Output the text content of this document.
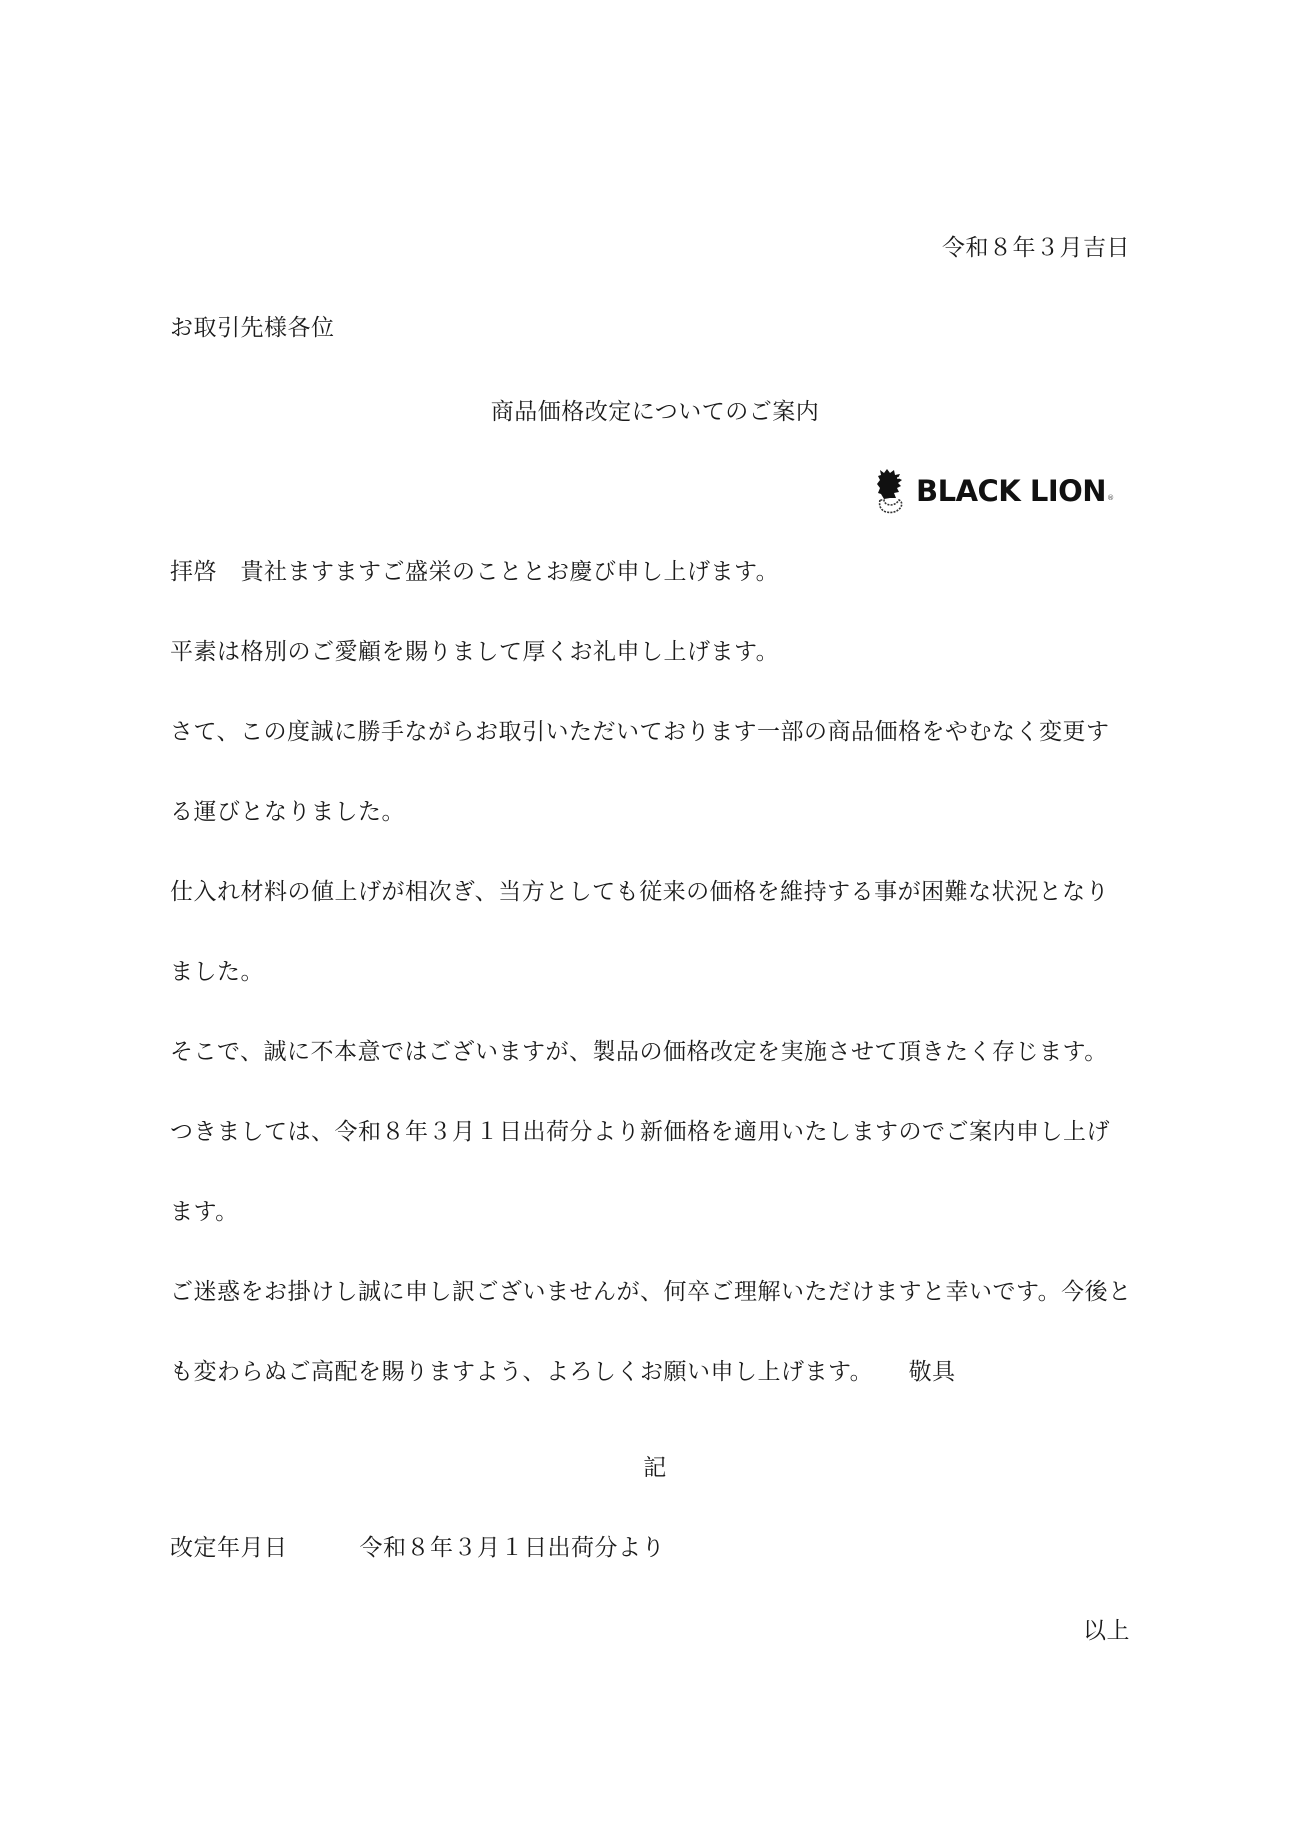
令和８年３月吉日
お取引先様各位
商品価格改定についてのご案内
BLACK LION ®
拝啓　貴社ますますご盛栄のこととお慶び申し上げます。
平素は格別のご愛顧を賜りまして厚くお礼申し上げます。
さて、この度誠に勝手ながらお取引いただいております一部の商品価格をやむなく変更す
る運びとなりました。
仕入れ材料の値上げが相次ぎ、当方としても従来の価格を維持する事が困難な状況となり
ました。
そこで、誠に不本意ではございますが、製品の価格改定を実施させて頂きたく存じます。
つきましては、令和８年３月１日出荷分より新価格を適用いたしますのでご案内申し上げ
ます。
ご迷惑をお掛けし誠に申し訳ございませんが、何卒ご理解いただけますと幸いです。今後と
も変わらぬご高配を賜りますよう、よろしくお願い申し上げます。　　敬具
記
改定年月日	令和８年３月１日出荷分より
以上
